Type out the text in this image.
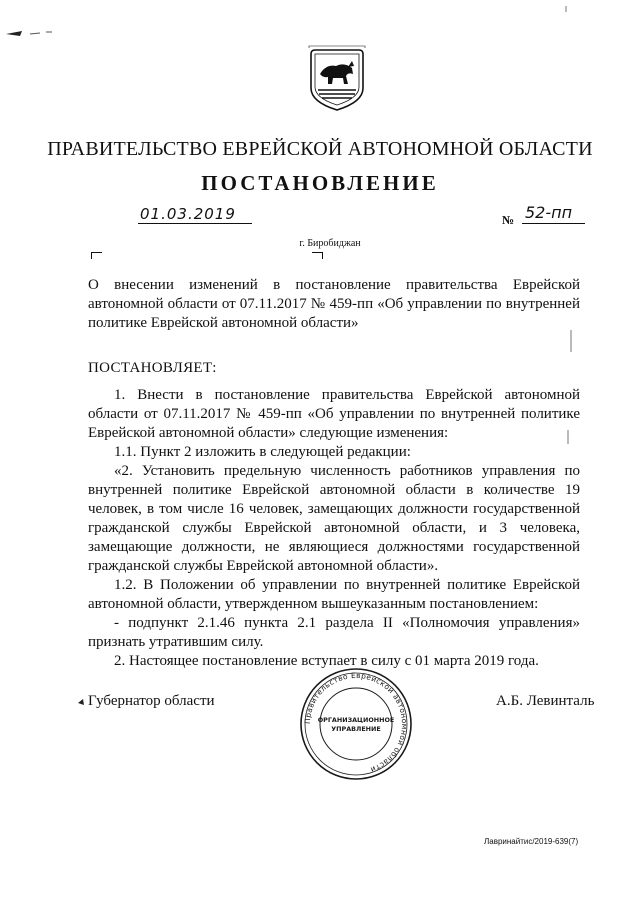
ПРАВИТЕЛЬСТВО ЕВРЕЙСКОЙ АВТОНОМНОЙ ОБЛАСТИ
ПОСТАНОВЛЕНИЕ
01.03.2019	№ 52-пп
г. Биробиджан
О внесении изменений в постановление правительства Еврейской автономной области от 07.11.2017 № 459-пп «Об управлении по внутренней политике Еврейской автономной области»
ПОСТАНОВЛЯЕТ:

1. Внести в постановление правительства Еврейской автономной области от 07.11.2017 № 459-пп «Об управлении по внутренней политике Еврейской автономной области» следующие изменения:

1.1. Пункт 2 изложить в следующей редакции:

«2. Установить предельную численность работников управления по внутренней политике Еврейской автономной области в количестве 19 человек, в том числе 16 человек, замещающих должности государственной гражданской службы Еврейской автономной области, и 3 человека, замещающие должности, не являющиеся должностями государственной гражданской службы Еврейской автономной области».

1.2. В Положении об управлении по внутренней политике Еврейской автономной области, утвержденном вышеуказанным постановлением:

- подпункт 2.1.46 пункта 2.1 раздела II «Полномочия управления» признать утратившим силу.

2. Настоящее постановление вступает в силу с 01 марта 2019 года.

Губернатор области	А.Б. Левинталь
Правительство Еврейской автономной области
ОРГАНИЗАЦИОННОЕ
УПРАВЛЕНИЕ
Лавринайтис/2019-639(7)
